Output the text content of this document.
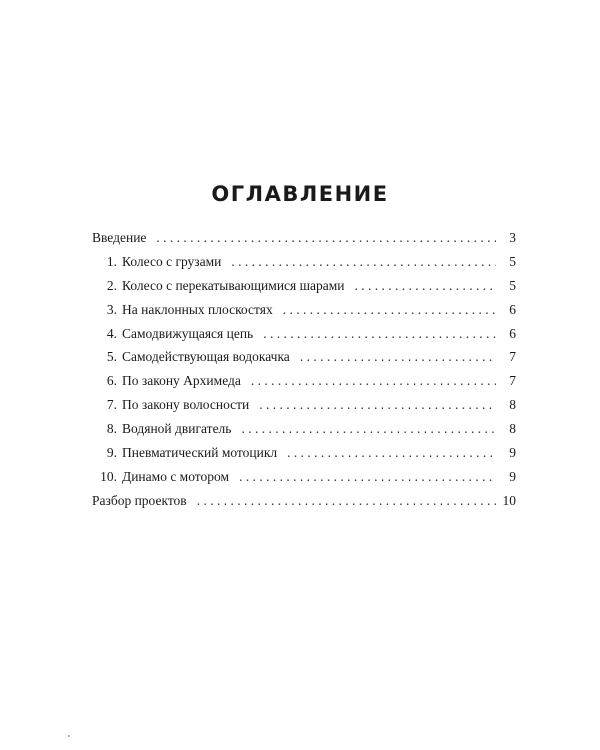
ОГЛАВЛЕНИЕ
Введение . . .	3
1. Колесо с грузами . . .	5
2. Колесо с перекатывающимися шарами . . .	5
3. На наклонных плоскостях . . .	6
4. Самодвижущаяся цепь . . .	6
5. Самодействующая водокачка . . .	7
6. По закону Архимеда . . .	7
7. По закону волосности . . .	8
8. Водяной двигатель . . .	8
9. Пневматический мотоцикл . . .	9
10. Динамо с мотором . . .	9
Разбор проектов . . .	10
